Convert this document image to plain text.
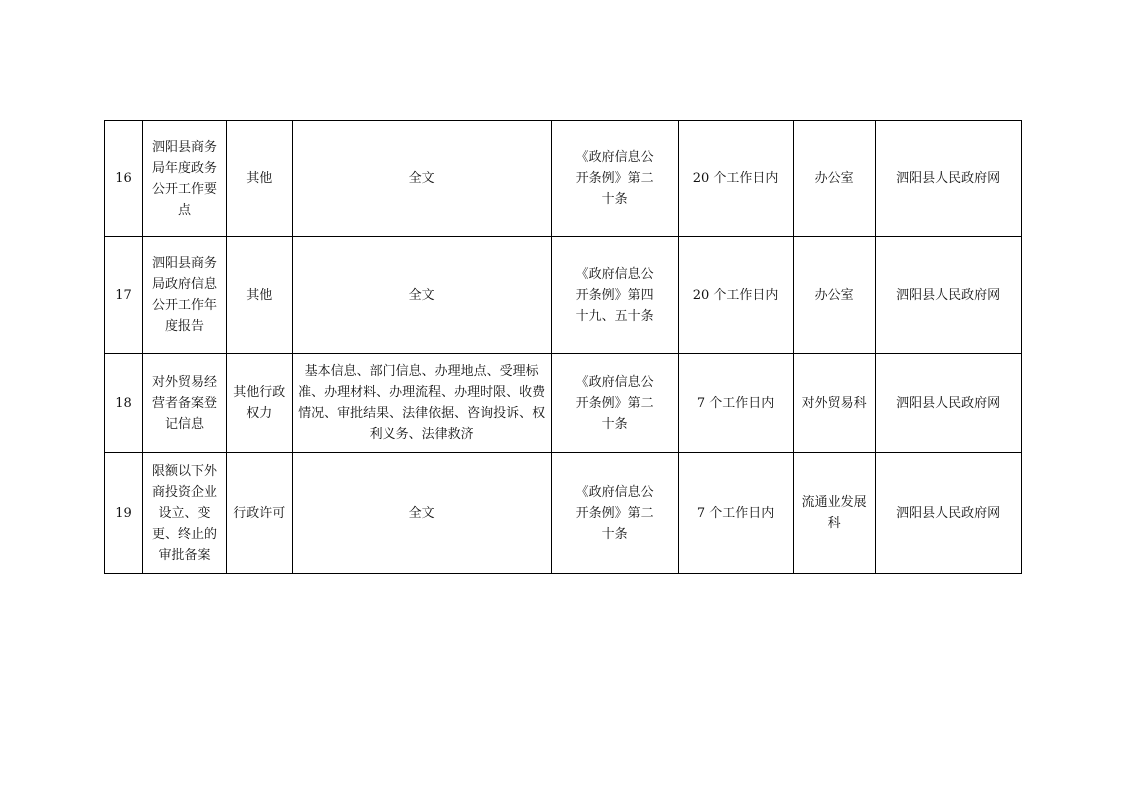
16	泗阳县商务局年度政务公开工作要点	其他	全文	《政府信息公开条例》第二十条	20 个工作日内	办公室	泗阳县人民政府网

17	泗阳县商务局政府信息公开工作年度报告	其他	全文	《政府信息公开条例》第四十九、五十条	20 个工作日内	办公室	泗阳县人民政府网

18	对外贸易经营者备案登记信息	其他行政权力	基本信息、部门信息、办理地点、受理标准、办理材料、办理流程、办理时限、收费情况、审批结果、法律依据、咨询投诉、权利义务、法律救济	《政府信息公开条例》第二十条	7 个工作日内	对外贸易科	泗阳县人民政府网

19	限额以下外商投资企业设立、变更、终止的审批备案	行政许可	全文	《政府信息公开条例》第二十条	7 个工作日内	流通业发展科	泗阳县人民政府网
